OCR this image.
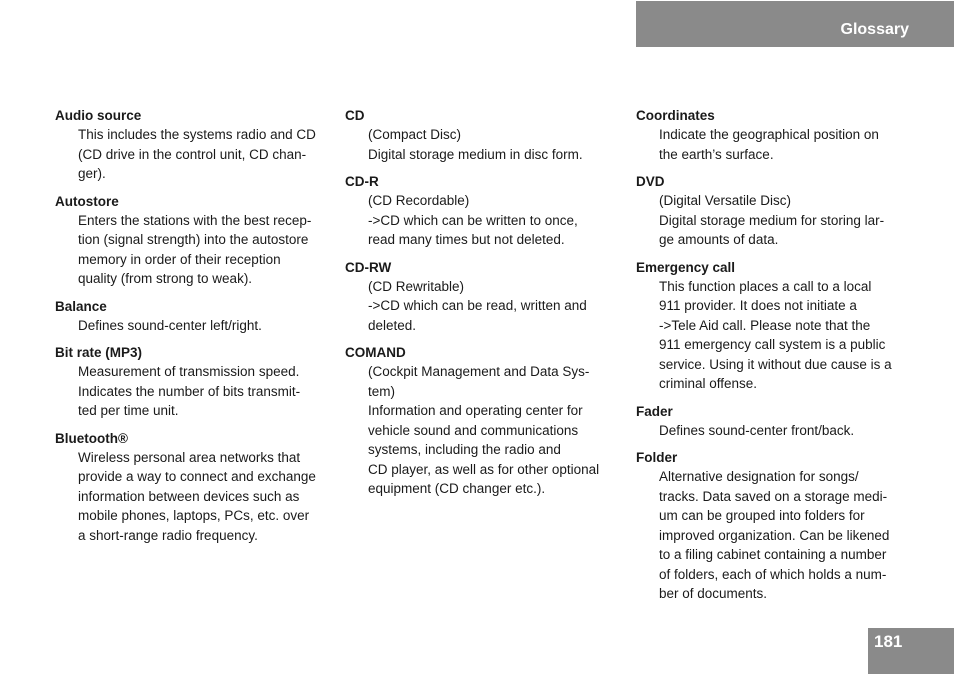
Glossary
Audio source
This includes the systems radio and CD
(CD drive in the control unit, CD chan-
ger).
Autostore
Enters the stations with the best recep-
tion (signal strength) into the autostore
memory in order of their reception
quality (from strong to weak).
Balance
Defines sound-center left/right.
Bit rate (MP3)
Measurement of transmission speed.
Indicates the number of bits transmit-
ted per time unit.
Bluetooth®
Wireless personal area networks that
provide a way to connect and exchange
information between devices such as
mobile phones, laptops, PCs, etc. over
a short-range radio frequency.
CD
(Compact Disc)
Digital storage medium in disc form.
CD-R
(CD Recordable)
->CD which can be written to once,
read many times but not deleted.
CD-RW
(CD Rewritable)
->CD which can be read, written and
deleted.
COMAND
(Cockpit Management and Data Sys-
tem)
Information and operating center for
vehicle sound and communications
systems, including the radio and
CD player, as well as for other optional
equipment (CD changer etc.).
Coordinates
Indicate the geographical position on
the earth’s surface.
DVD
(Digital Versatile Disc)
Digital storage medium for storing lar-
ge amounts of data.
Emergency call
This function places a call to a local
911 provider. It does not initiate a
->Tele Aid call. Please note that the
911 emergency call system is a public
service. Using it without due cause is a
criminal offense.
Fader
Defines sound-center front/back.
Folder
Alternative designation for songs/
tracks. Data saved on a storage medi-
um can be grouped into folders for
improved organization. Can be likened
to a filing cabinet containing a number
of folders, each of which holds a num-
ber of documents.
181
